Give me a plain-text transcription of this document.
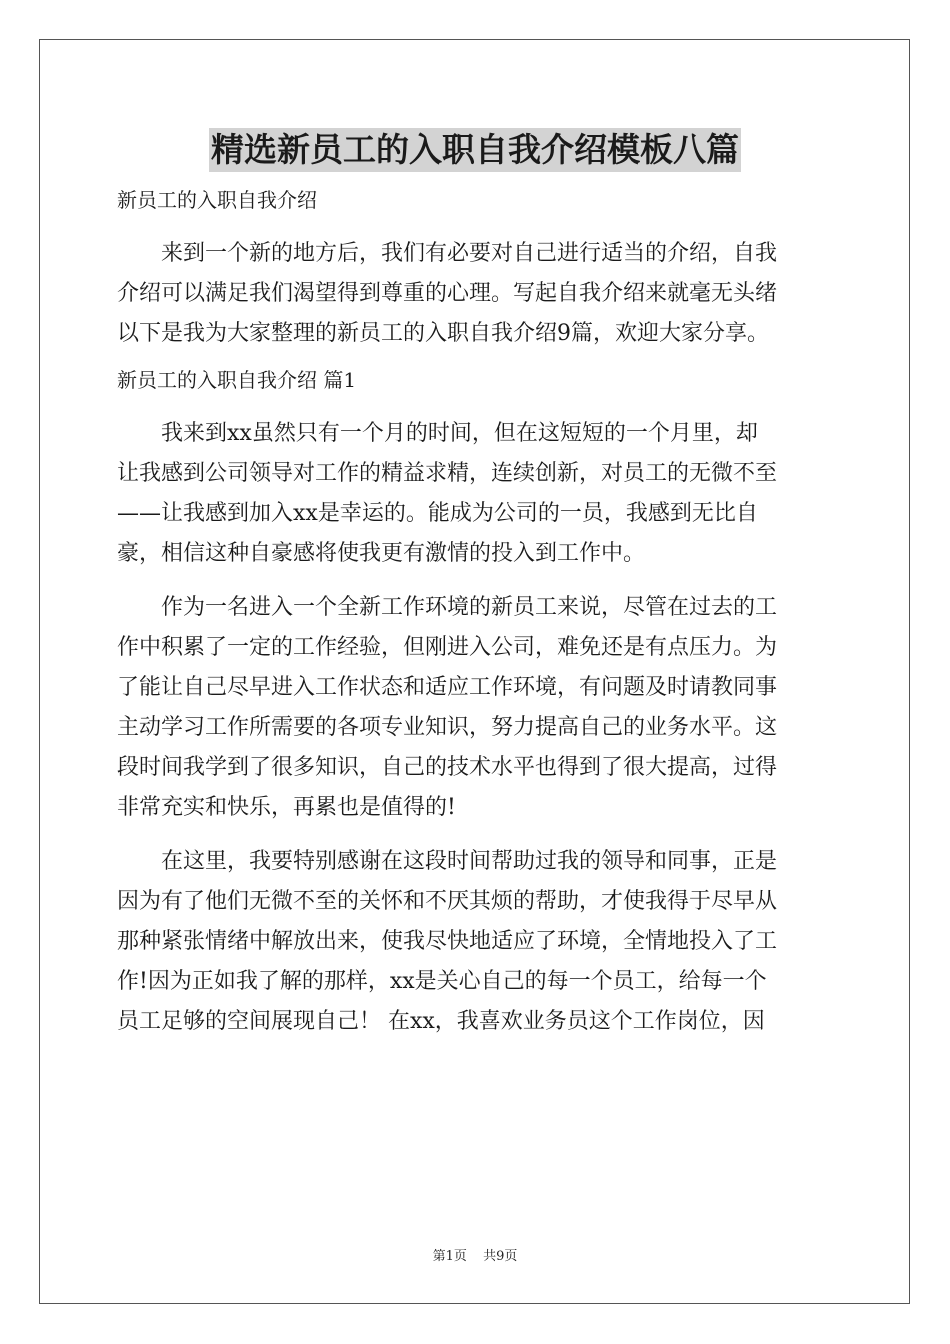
精选新员工的入职自我介绍模板八篇
新员工的入职自我介绍
来到一个新的地方后，我们有必要对自己进行适当的介绍，自我
介绍可以满足我们渴望得到尊重的心理。写起自我介绍来就毫无头绪
以下是我为大家整理的新员工的入职自我介绍9篇，欢迎大家分享。
新员工的入职自我介绍 篇1
我来到xx虽然只有一个月的时间，但在这短短的一个月里，却
让我感到公司领导对工作的精益求精，连续创新，对员工的无微不至
——让我感到加入xx是幸运的。能成为公司的一员，我感到无比自
豪，相信这种自豪感将使我更有激情的投入到工作中。
作为一名进入一个全新工作环境的新员工来说，尽管在过去的工
作中积累了一定的工作经验，但刚进入公司，难免还是有点压力。为
了能让自己尽早进入工作状态和适应工作环境，有问题及时请教同事
主动学习工作所需要的各项专业知识，努力提高自己的业务水平。这
段时间我学到了很多知识，自己的技术水平也得到了很大提高，过得
非常充实和快乐，再累也是值得的!
在这里，我要特别感谢在这段时间帮助过我的领导和同事，正是
因为有了他们无微不至的关怀和不厌其烦的帮助，才使我得于尽早从
那种紧张情绪中解放出来，使我尽快地适应了环境，全情地投入了工
作!因为正如我了解的那样，xx是关心自己的每一个员工，给每一个
员工足够的空间展现自己！ 在xx，我喜欢业务员这个工作岗位，因
第1页 共9页
